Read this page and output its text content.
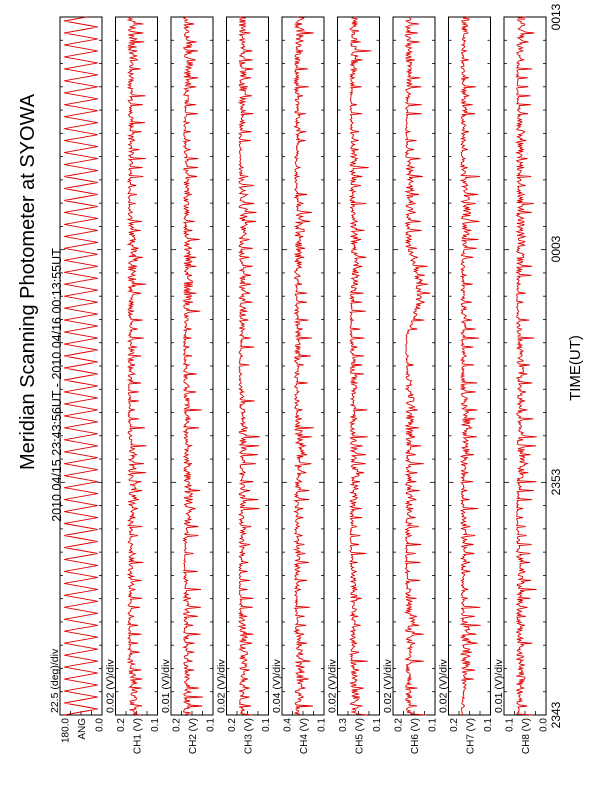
Meridian Scanning Photometer at SYOWA 2010 04/15 23:43:56UT - 2010 04/16 00:13:55UT	TIME(UT)
22.5 (deg)/div
ANG
180.0 0.0
0.02 (V)/div
CH1 (V)
0.2 0.1
0.01 (V)/div
CH2 (V)
0.2 0.1
0.02 (V)/div
CH3 (V)
0.2 0.1
0.04 (V)/div
CH4 (V)
0.4 0.1
0.02 (V)/div
CH5 (V)
0.3 0.1
0.02 (V)/div
CH6 (V)
0.2 0.1
0.02 (V)/div
CH7 (V)
0.2 0.1
0.01 (V)/div
CH8 (V)
0.1 0.0 2343
2353
0003
0013
